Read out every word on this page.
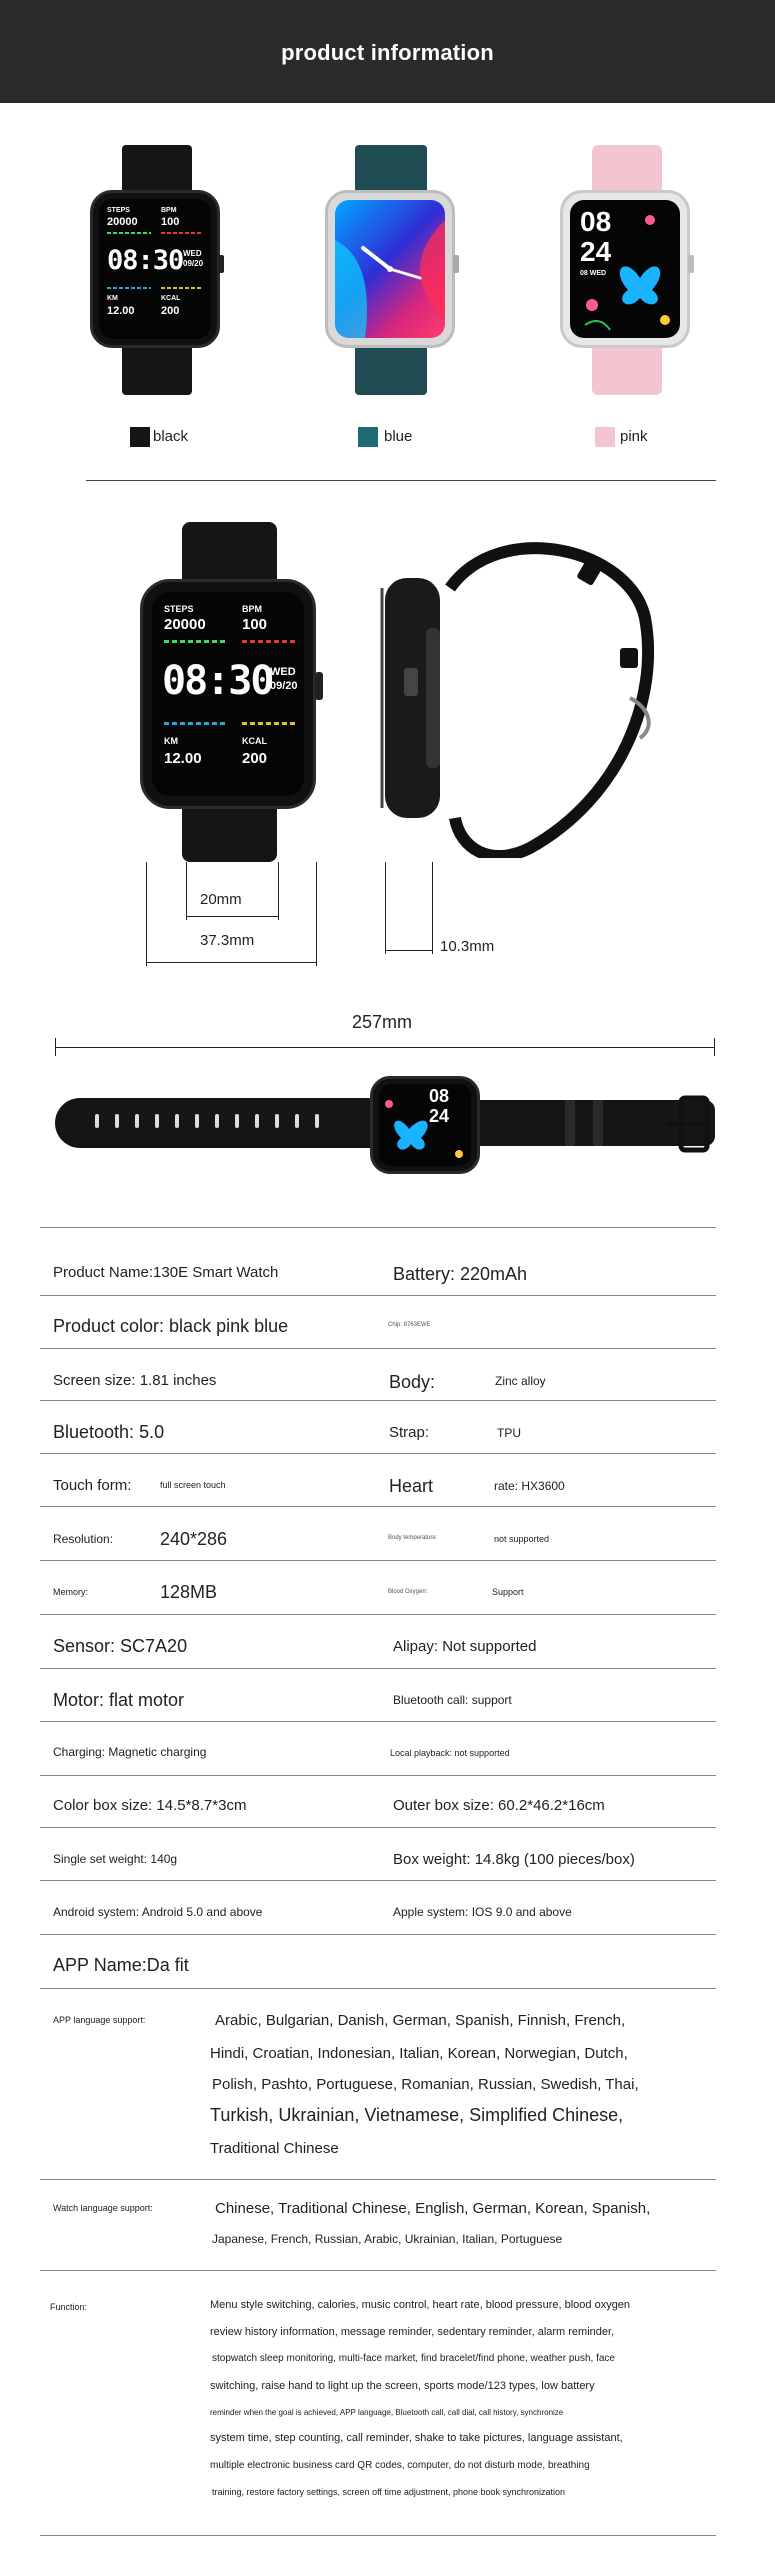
product information
STEPS	BPM
20000 100
08:30 WED
09/20
KM	KCAL
12.00 200
08
24
08 WED
black	blue	pink
STEPS	BPM
20000 100
08:30
WED
09/20
KM	KCAL
12.00	200
20mm
37.3mm	10.3mm
257mm
08
24
Product Name:130E Smart Watch	Battery: 220mAh
Product color: black pink blue	Chip: 8763EWE
Screen size: 1.81 inches	Body:	Zinc alloy
Bluetooth: 5.0	Strap:	TPU
Touch form:	full screen touch	Heart	rate: HX3600
Resolution:	240*286	Body temperature:	not supported
Memory:	128MB	Blood Oxygen:	Support
Sensor: SC7A20	Alipay: Not supported
Motor: flat motor	Bluetooth call: support
Charging: Magnetic charging	Local playback: not supported
Color box size: 14.5*8.7*3cm	Outer box size: 60.2*46.2*16cm
Single set weight: 140g	Box weight: 14.8kg (100 pieces/box)
Android system: Android 5.0 and above	Apple system: IOS 9.0 and above
APP Name:Da fit
APP language support:	Arabic, Bulgarian, Danish, German, Spanish, Finnish, French,
Hindi, Croatian, Indonesian, Italian, Korean, Norwegian, Dutch,
Polish, Pashto, Portuguese, Romanian, Russian, Swedish, Thai,
Turkish, Ukrainian, Vietnamese, Simplified Chinese,
Traditional Chinese
Watch language support:	Chinese, Traditional Chinese, English, German, Korean, Spanish,
Japanese, French, Russian, Arabic, Ukrainian, Italian, Portuguese
Function:	Menu style switching, calories, music control, heart rate, blood pressure, blood oxygen
review history information, message reminder, sedentary reminder, alarm reminder,
stopwatch sleep monitoring, multi-face market, find bracelet/find phone, weather push, face
switching, raise hand to light up the screen, sports mode/123 types, low battery
reminder when the goal is achieved, APP language, Bluetooth call, call dial, call history, synchronize
system time, step counting, call reminder, shake to take pictures, language assistant,
multiple electronic business card QR codes, computer, do not disturb mode, breathing
training, restore factory settings, screen off time adjustment, phone book synchronization
